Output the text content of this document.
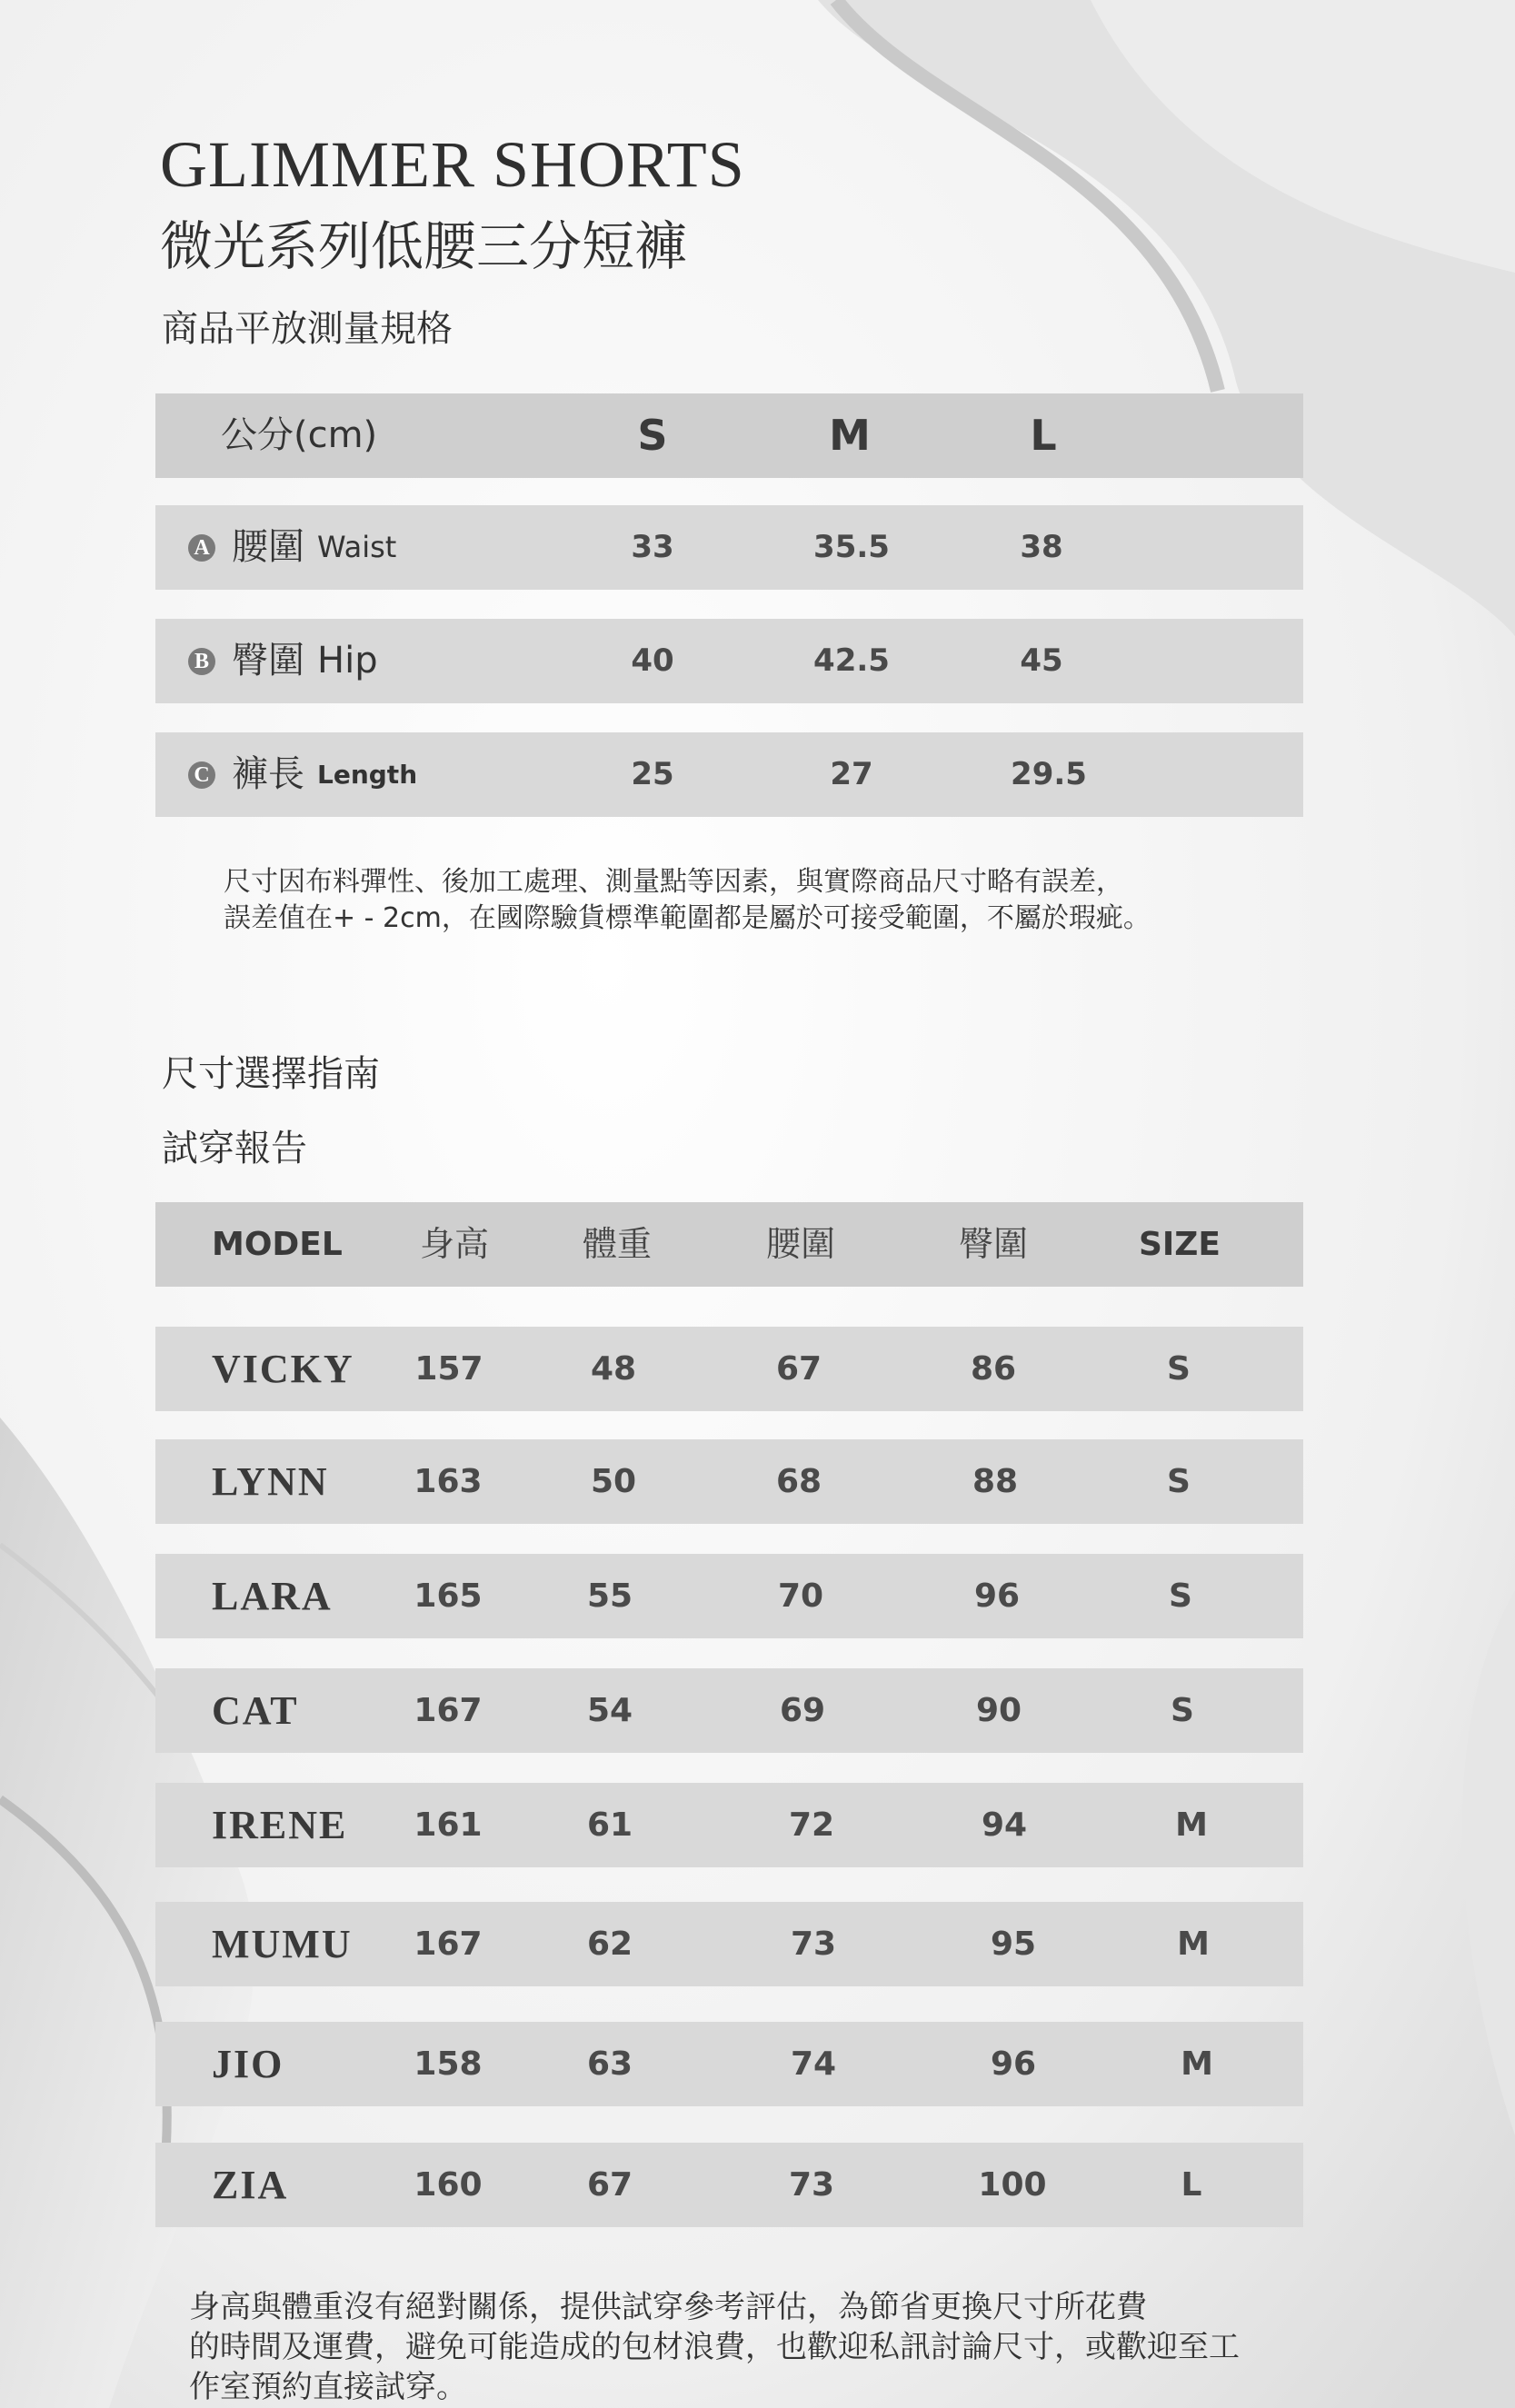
GLIMMER SHORTS
微光系列低腰三分短褲
商品平放測量規格
公分(cm)	S	M	L
A 腰圍 Waist	33	35.5	38
B 臀圍 Hip	40	42.5	45
C 褲長 Length	25	27	29.5
尺寸因布料彈性、後加工處理、測量點等因素，與實際商品尺寸略有誤差，
誤差值在+ - 2cm，在國際驗貨標準範圍都是屬於可接受範圍，不屬於瑕疵。
尺寸選擇指南
試穿報告
MODEL 身高	體重	腰圍	臀圍	SIZE
VICKY 157	48	67	86	S
LYNN	163	50	68	88	S
LARA 165	55	70	96	S
CAT	167	54	69	90	S
IRENE 161	61	72	94	M
MUMU 167	62	73	95	M
JIO	158	63	74	96	M
ZIA	160	67	73	100	L
身高與體重沒有絕對關係，提供試穿參考評估，為節省更換尺寸所花費
的時間及運費，避免可能造成的包材浪費，也歡迎私訊討論尺寸，或歡迎至工
作室預約直接試穿。
